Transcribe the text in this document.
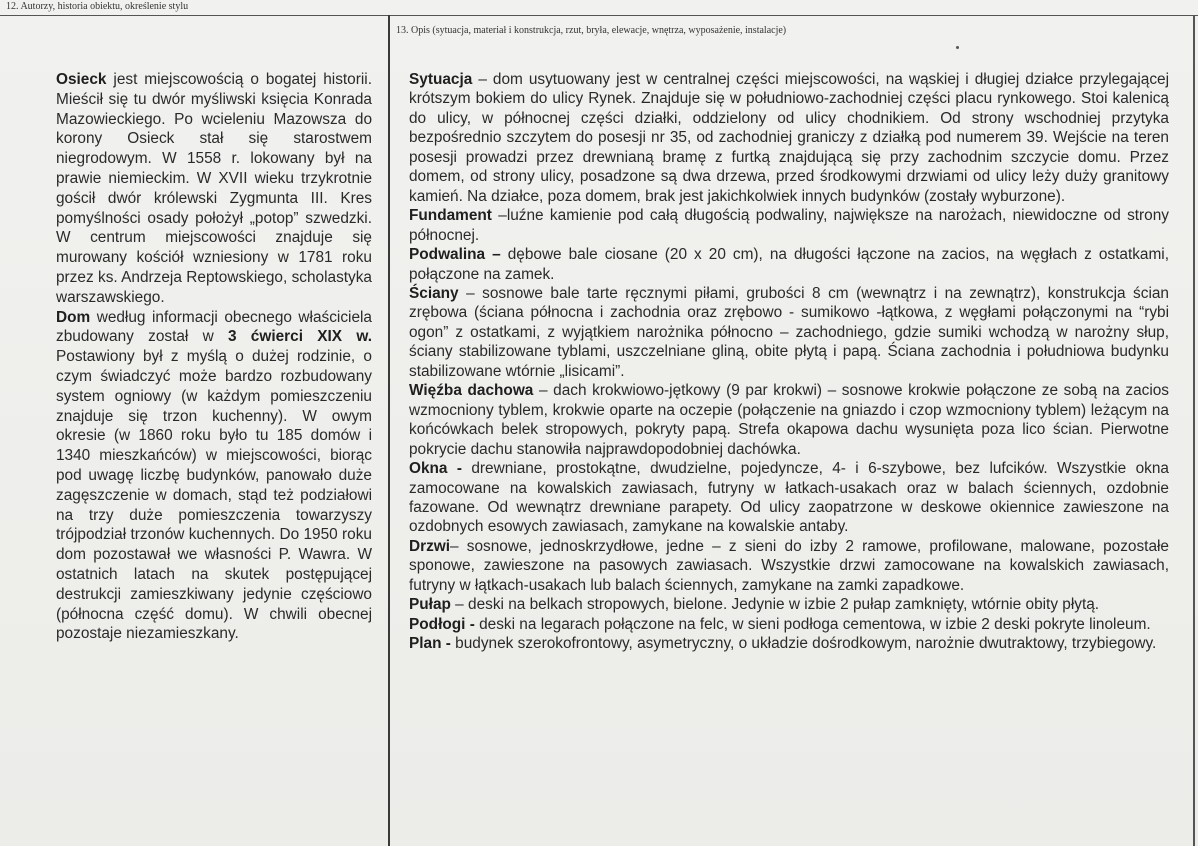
12. Autorzy, historia obiektu, określenie stylu
13. Opis (sytuacja, materiał i konstrukcja, rzut, bryła, elewacje, wnętrza, wyposażenie, instalacje)

Osieck jest miejscowością o bogatej historii. Mieścił się tu dwór myśliwski księcia Konrada Mazowieckiego. Po wcieleniu Mazowsza do korony Osieck stał się starostwem niegrodowym. W 1558 r. lokowany był na prawie niemieckim. W XVII wieku trzykrotnie gościł dwór królewski Zygmunta III. Kres pomyślności osady położył „potop” szwedzki. W centrum miejscowości znajduje się murowany kościół wzniesiony w 1781 roku przez ks. Andrzeja Reptowskiego, scholastyka warszawskiego.

Dom według informacji obecnego właściciela zbudowany został w 3 ćwierci XIX w. Postawiony był z myślą o dużej rodzinie, o czym świadczyć może bardzo rozbudowany system ogniowy (w każdym pomieszczeniu znajduje się trzon kuchenny). W owym okresie (w 1860 roku było tu 185 domów i 1340 mieszkańców) w miejscowości, biorąc pod uwagę liczbę budynków, panowało duże zagęszczenie w domach, stąd też podziałowi na trzy duże pomieszczenia towarzyszy trójpodział trzonów kuchennych. Do 1950 roku dom pozostawał we własności P. Wawra. W ostatnich latach na skutek postępującej destrukcji zamieszkiwany jedynie częściowo (północna część domu). W chwili obecnej pozostaje niezamieszkany.

Sytuacja – dom usytuowany jest w centralnej części miejscowości, na wąskiej i długiej działce przylegającej krótszym bokiem do ulicy Rynek. Znajduje się w południowo-zachodniej części placu rynkowego. Stoi kalenicą do ulicy, w północnej części działki, oddzielony od ulicy chodnikiem. Od strony wschodniej przytyka bezpośrednio szczytem do posesji nr 35, od zachodniej graniczy z działką pod numerem 39. Wejście na teren posesji prowadzi przez drewnianą bramę z furtką znajdującą się przy zachodnim szczycie domu. Przez domem, od strony ulicy, posadzone są dwa drzewa, przed środkowymi drzwiami od ulicy leży duży granitowy kamień. Na działce, poza domem, brak jest jakichkolwiek innych budynków (zostały wyburzone).

Fundament –luźne kamienie pod całą długością podwaliny, największe na narożach, niewidoczne od strony północnej.

Podwalina – dębowe bale ciosane (20 x 20 cm), na długości łączone na zacios, na węgłach z ostatkami, połączone na zamek.

Ściany – sosnowe bale tarte ręcznymi piłami, grubości 8 cm (wewnątrz i na zewnątrz), konstrukcja ścian zrębowa (ściana północna i zachodnia oraz zrębowo - sumikowo -łątkowa, z węgłami połączonymi na “rybi ogon” z ostatkami, z wyjątkiem narożnika północno – zachodniego, gdzie sumiki wchodzą w narożny słup, ściany stabilizowane tyblami, uszczelniane gliną, obite płytą i papą. Ściana zachodnia i południowa budynku stabilizowane wtórnie „lisicami”.

Więźba dachowa – dach krokwiowo-jętkowy (9 par krokwi) – sosnowe krokwie połączone ze sobą na zacios wzmocniony tyblem, krokwie oparte na oczepie (połączenie na gniazdo i czop wzmocniony tyblem) leżącym na końcówkach belek stropowych, pokryty papą. Strefa okapowa dachu wysunięta poza lico ścian. Pierwotne pokrycie dachu stanowiła najprawdopodobniej dachówka.

Okna - drewniane, prostokątne, dwudzielne, pojedyncze, 4- i 6-szybowe, bez lufcików. Wszystkie okna zamocowane na kowalskich zawiasach, futryny w łatkach-usakach oraz w balach ściennych, ozdobnie fazowane. Od wewnątrz drewniane parapety. Od ulicy zaopatrzone w deskowe okiennice zawieszone na ozdobnych esowych zawiasach, zamykane na kowalskie antaby.

Drzwi– sosnowe, jednoskrzydłowe, jedne – z sieni do izby 2 ramowe, profilowane, malowane, pozostałe sponowe, zawieszone na pasowych zawiasach. Wszystkie drzwi zamocowane na kowalskich zawiasach, futryny w łątkach-usakach lub balach ściennych, zamykane na zamki zapadkowe.

Pułap – deski na belkach stropowych, bielone. Jedynie w izbie 2 pułap zamknięty, wtórnie obity płytą.

Podłogi - deski na legarach połączone na felc, w sieni podłoga cementowa, w izbie 2 deski pokryte linoleum.

Plan - budynek szerokofrontowy, asymetryczny, o układzie dośrodkowym, narożnie dwutraktowy, trzybiegowy.
